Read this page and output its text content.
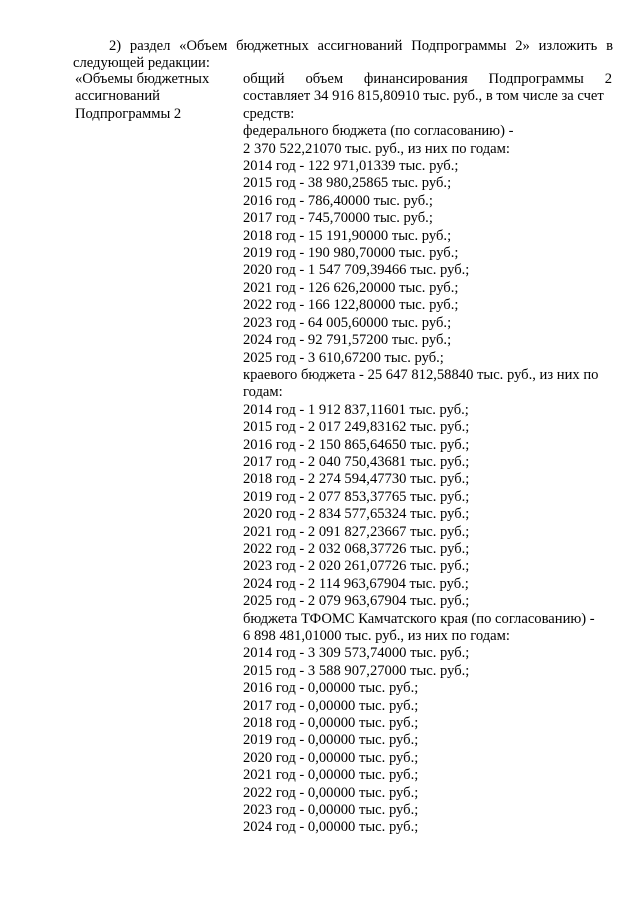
2) раздел «Объем бюджетных ассигнований Подпрограммы 2» изложить в
следующей редакции:
«Объемы бюджетных
ассигнований
Подпрограммы 2
общий объем финансирования Подпрограммы 2
составляет 34 916 815,80910 тыс. руб., в том числе за счет
средств:
федерального бюджета (по согласованию) -
2 370 522,21070 тыс. руб., из них по годам:
2014 год - 122 971,01339 тыс. руб.;
2015 год - 38 980,25865 тыс. руб.;
2016 год - 786,40000 тыс. руб.;
2017 год - 745,70000 тыс. руб.;
2018 год - 15 191,90000 тыс. руб.;
2019 год - 190 980,70000 тыс. руб.;
2020 год - 1 547 709,39466 тыс. руб.;
2021 год - 126 626,20000 тыс. руб.;
2022 год - 166 122,80000 тыс. руб.;
2023 год - 64 005,60000 тыс. руб.;
2024 год - 92 791,57200 тыс. руб.;
2025 год - 3 610,67200 тыс. руб.;
краевого бюджета - 25 647 812,58840 тыс. руб., из них по
годам:
2014 год - 1 912 837,11601 тыс. руб.;
2015 год - 2 017 249,83162 тыс. руб.;
2016 год - 2 150 865,64650 тыс. руб.;
2017 год - 2 040 750,43681 тыс. руб.;
2018 год - 2 274 594,47730 тыс. руб.;
2019 год - 2 077 853,37765 тыс. руб.;
2020 год - 2 834 577,65324 тыс. руб.;
2021 год - 2 091 827,23667 тыс. руб.;
2022 год - 2 032 068,37726 тыс. руб.;
2023 год - 2 020 261,07726 тыс. руб.;
2024 год - 2 114 963,67904 тыс. руб.;
2025 год - 2 079 963,67904 тыс. руб.;
бюджета ТФОМС Камчатского края (по согласованию) -
6 898 481,01000 тыс. руб., из них по годам:
2014 год - 3 309 573,74000 тыс. руб.;
2015 год - 3 588 907,27000 тыс. руб.;
2016 год - 0,00000 тыс. руб.;
2017 год - 0,00000 тыс. руб.;
2018 год - 0,00000 тыс. руб.;
2019 год - 0,00000 тыс. руб.;
2020 год - 0,00000 тыс. руб.;
2021 год - 0,00000 тыс. руб.;
2022 год - 0,00000 тыс. руб.;
2023 год - 0,00000 тыс. руб.;
2024 год - 0,00000 тыс. руб.;
